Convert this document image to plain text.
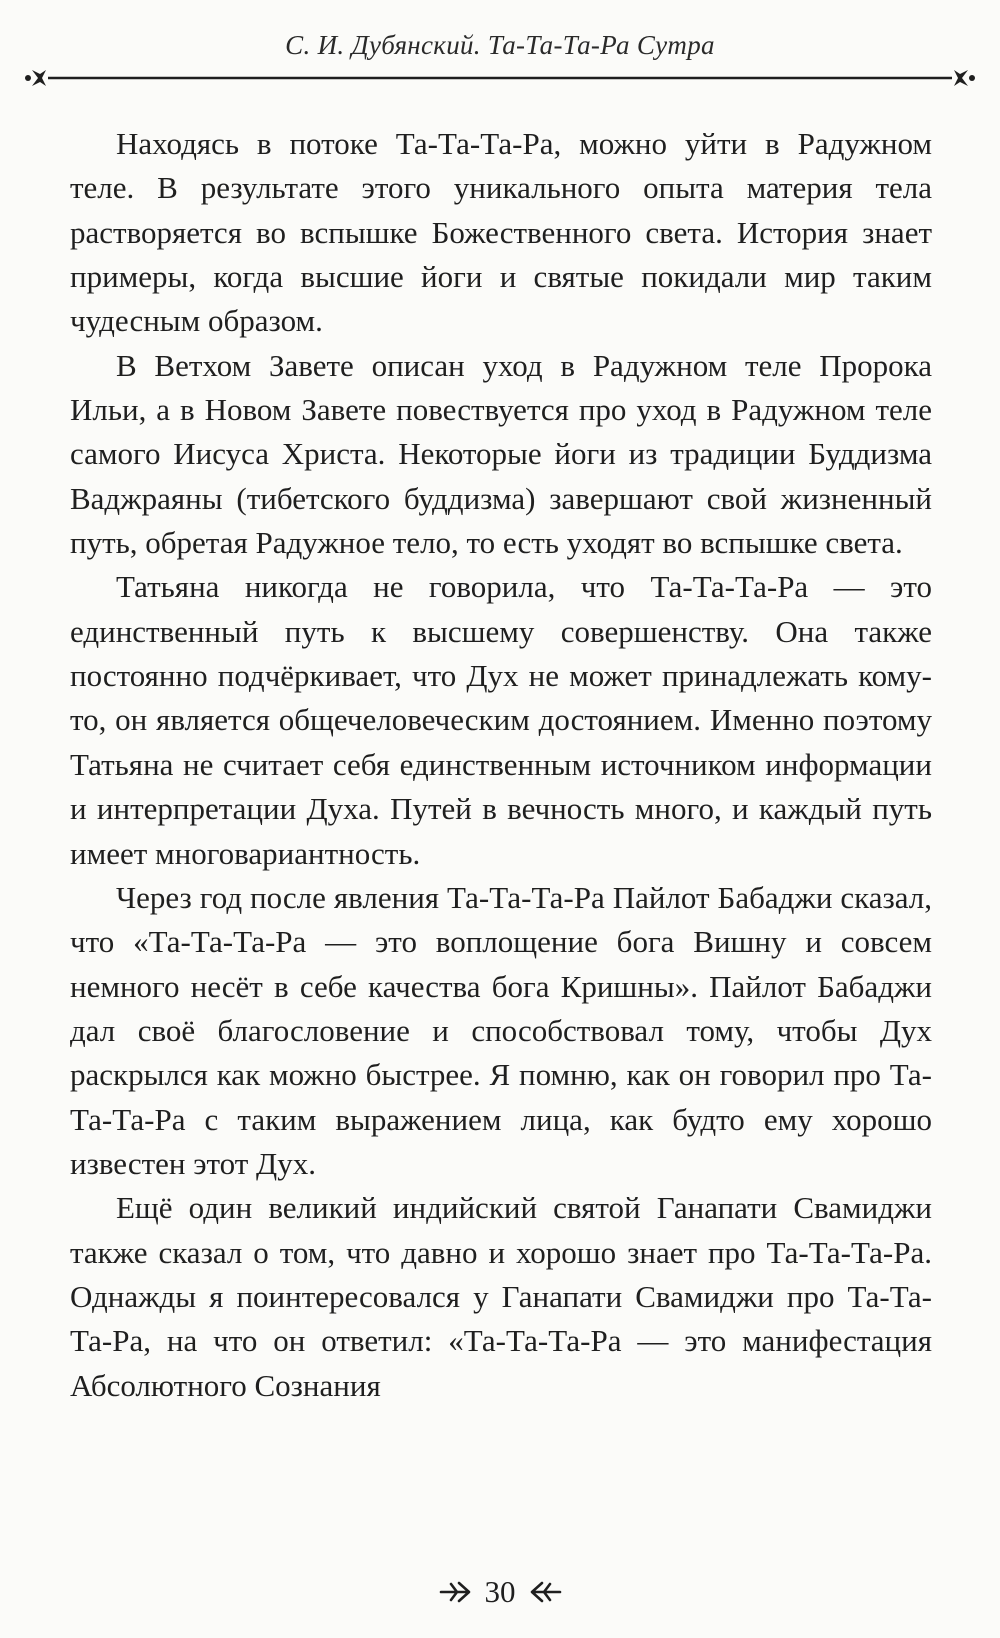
С. И. Дубянский. Та-Та-Та-Ра Сутра

Находясь в потоке Та-Та-Та-Ра, можно уйти в Радужном теле. В результате этого уникального опыта материя тела растворяется во вспышке Божественного света. История знает примеры, когда высшие йоги и святые покидали мир таким чудесным образом.

В Ветхом Завете описан уход в Радужном теле Пророка Ильи, а в Новом Завете повествуется про уход в Радужном теле самого Иисуса Христа. Некоторые йоги из традиции Буддизма Ваджраяны (тибетского буддизма) завершают свой жизненный путь, обретая Радужное тело, то есть уходят во вспышке света.

Татьяна никогда не говорила, что Та-Та-Та-Ра — это единственный путь к высшему совершенству. Она также постоянно подчёркивает, что Дух не может принадлежать кому-то, он является общечеловеческим достоянием. Именно поэтому Татьяна не считает себя единственным источником информации и интерпретации Духа. Путей в вечность много, и каждый путь имеет многовариантность.

Через год после явления Та-Та-Та-Ра Пайлот Бабаджи сказал, что «Та-Та-Та-Ра — это воплощение бога Вишну и совсем немного несёт в себе качества бога Кришны». Пайлот Бабаджи дал своё благословение и способствовал тому, чтобы Дух раскрылся как можно быстрее. Я помню, как он говорил про Та-Та-Та-Ра с таким выражением лица, как будто ему хорошо известен этот Дух.

Ещё один великий индийский святой Ганапати Свамиджи также сказал о том, что давно и хорошо знает про Та-Та-Та-Ра. Однажды я поинтересовался у Ганапати Свамиджи про Та-Та-Та-Ра, на что он ответил: «Та-Та-Та-Ра — это манифестация Абсолютного Сознания

30
